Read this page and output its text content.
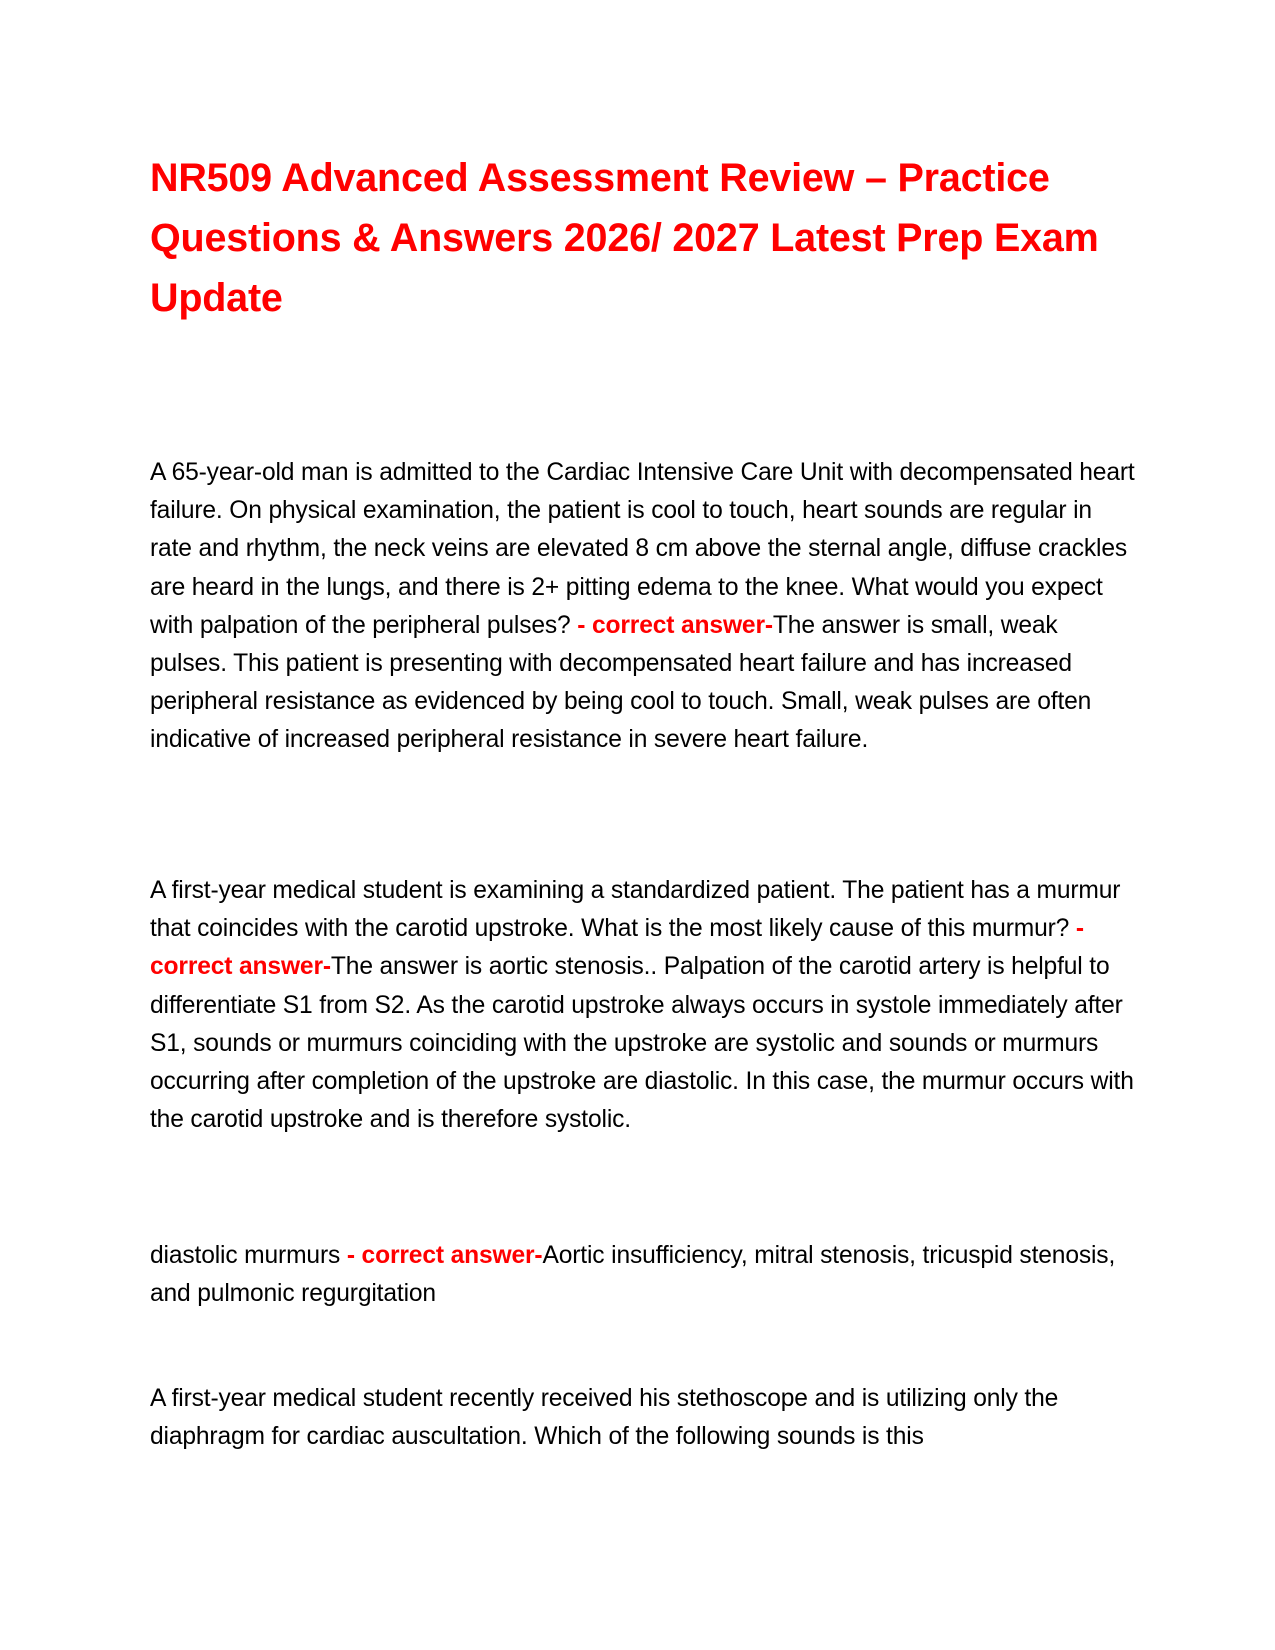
NR509 Advanced Assessment Review – Practice Questions & Answers 2026/ 2027 Latest Prep Exam Update

A 65-year-old man is admitted to the Cardiac Intensive Care Unit with decompensated heart failure. On physical examination, the patient is cool to touch, heart sounds are regular in rate and rhythm, the neck veins are elevated 8 cm above the sternal angle, diffuse crackles are heard in the lungs, and there is 2+ pitting edema to the knee. What would you expect with palpation of the peripheral pulses? - correct answer-The answer is small, weak pulses. This patient is presenting with decompensated heart failure and has increased peripheral resistance as evidenced by being cool to touch. Small, weak pulses are often indicative of increased peripheral resistance in severe heart failure.

A first-year medical student is examining a standardized patient. The patient has a murmur that coincides with the carotid upstroke. What is the most likely cause of this murmur? - correct answer-The answer is aortic stenosis.. Palpation of the carotid artery is helpful to differentiate S1 from S2. As the carotid upstroke always occurs in systole immediately after S1, sounds or murmurs coinciding with the upstroke are systolic and sounds or murmurs occurring after completion of the upstroke are diastolic. In this case, the murmur occurs with the carotid upstroke and is therefore systolic.

diastolic murmurs - correct answer-Aortic insufficiency, mitral stenosis, tricuspid stenosis, and pulmonic regurgitation

A first-year medical student recently received his stethoscope and is utilizing only the diaphragm for cardiac auscultation. Which of the following sounds is this
